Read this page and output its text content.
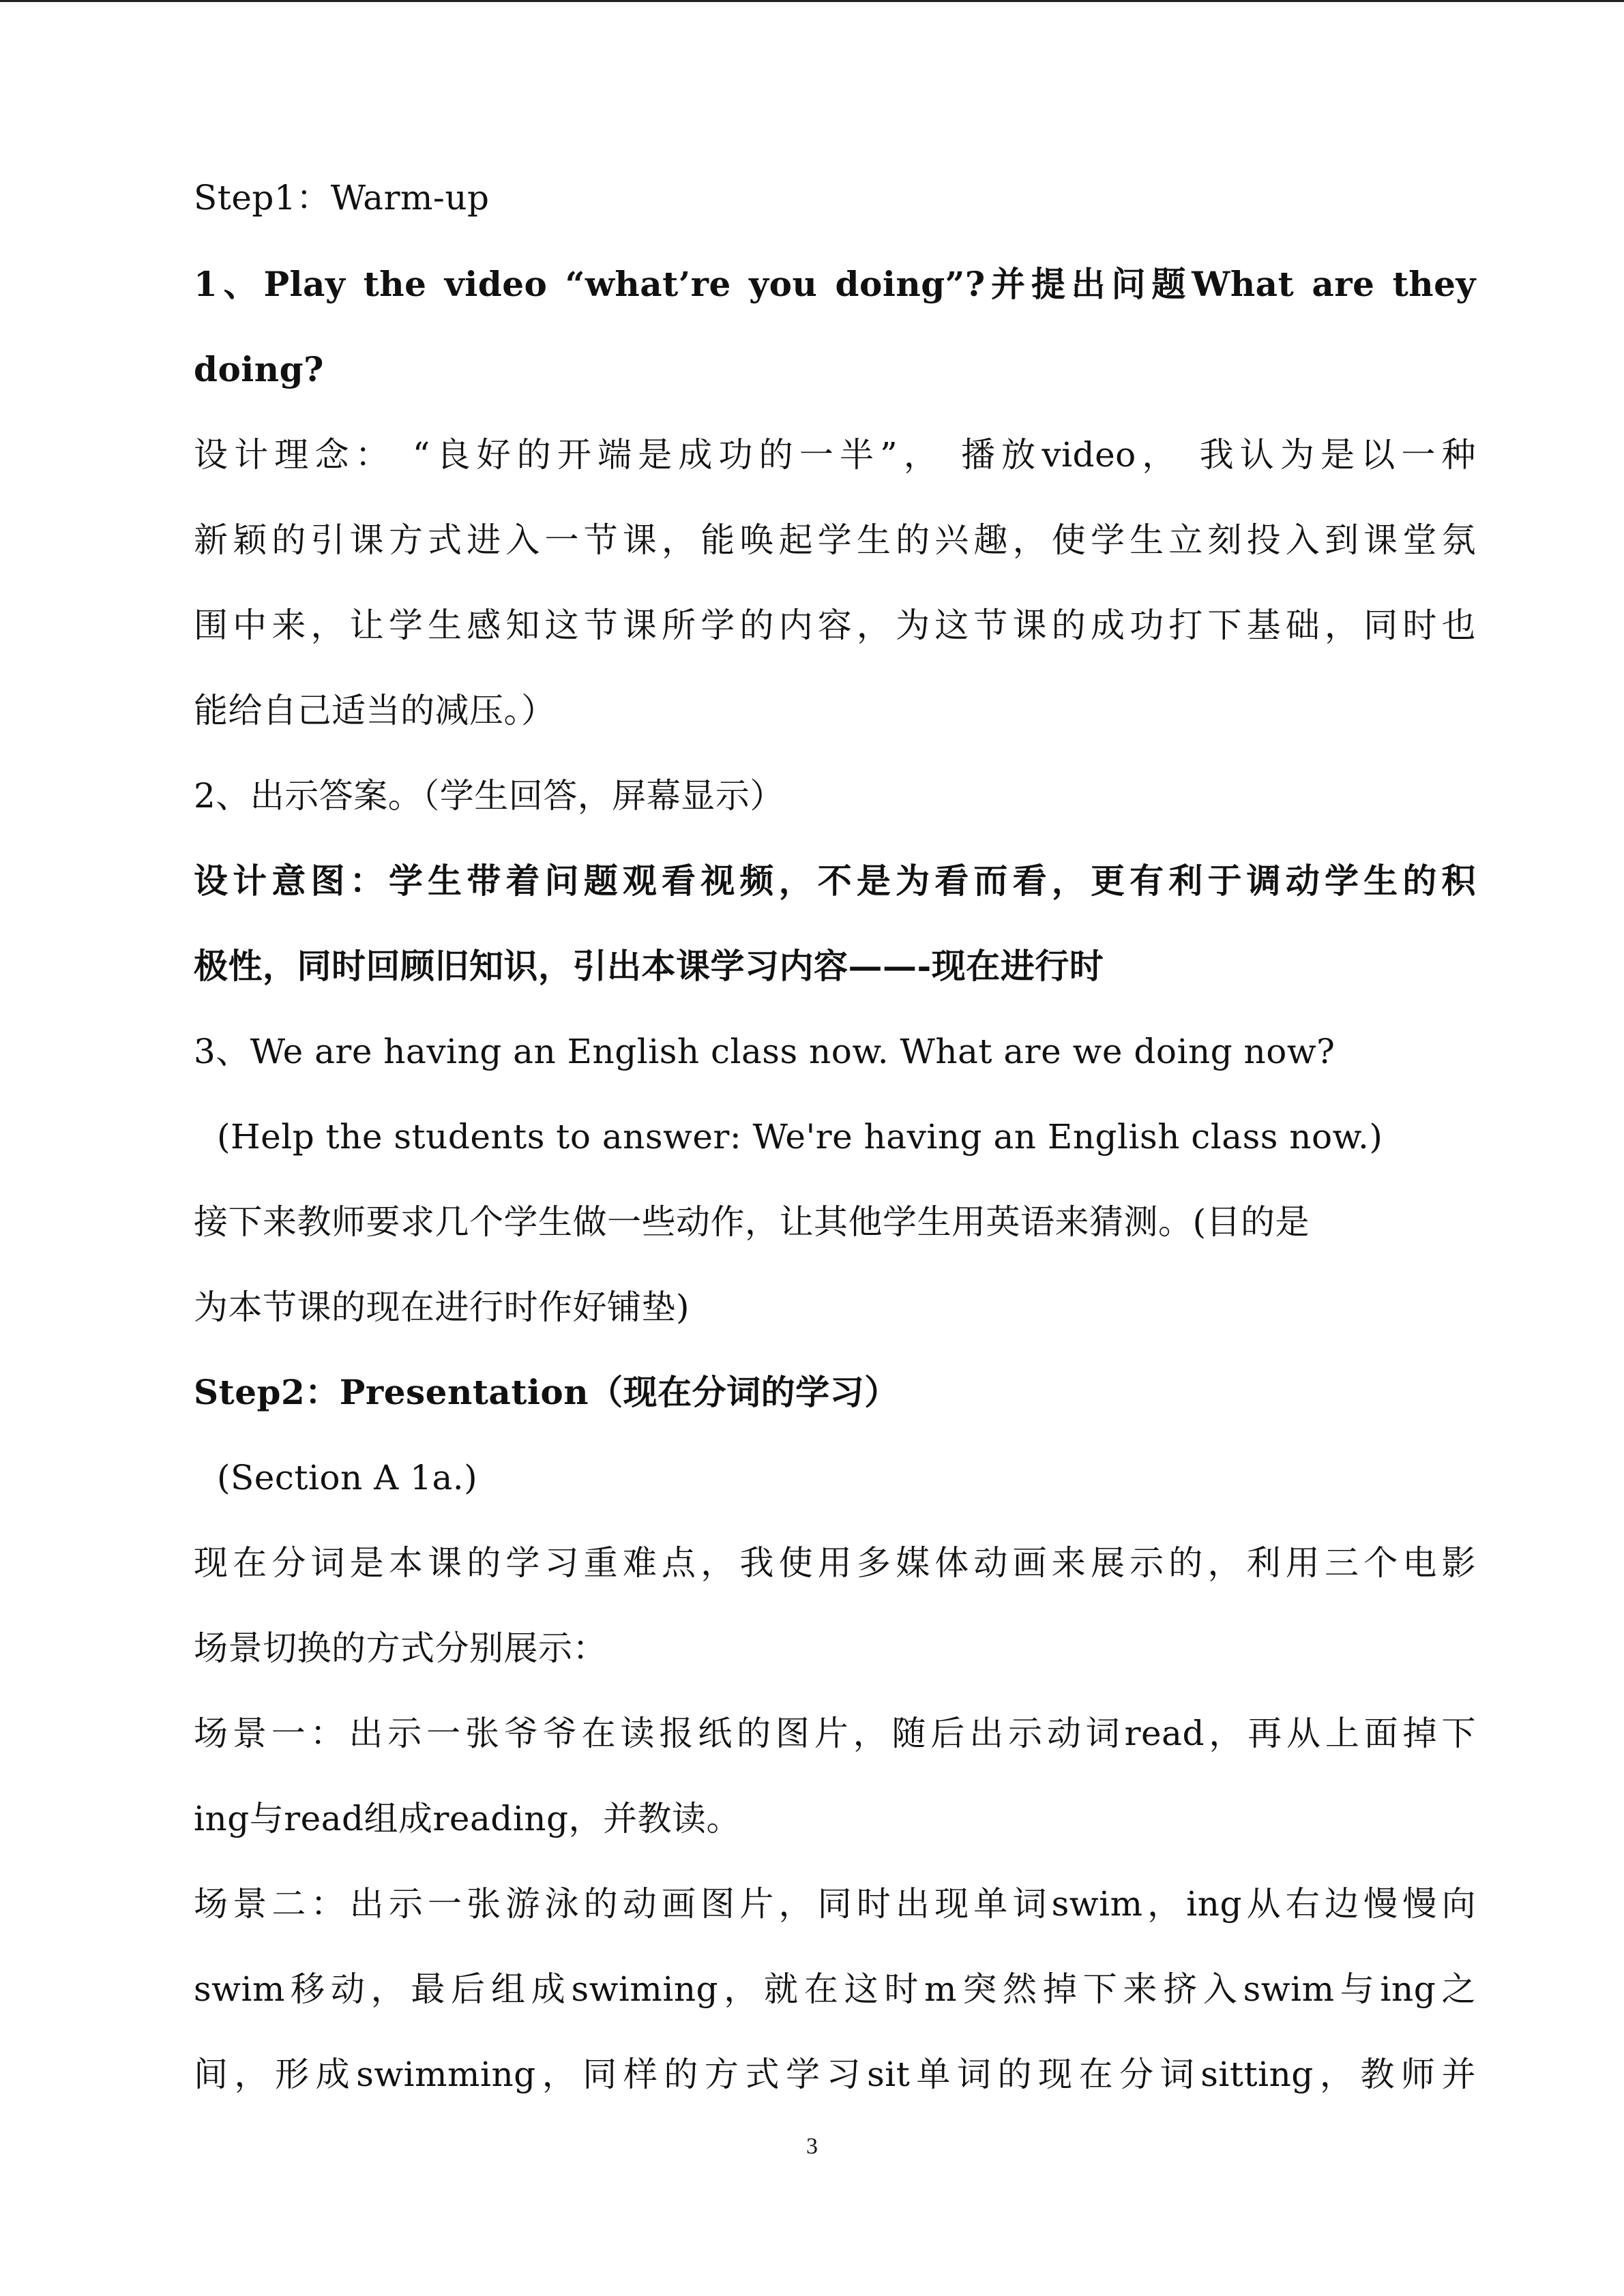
Step1：Warm-up
1、Play the video “what’re you doing”?并提出问题What are they
doing?
设计理念： “良好的开端是成功的一半”， 播放video， 我认为是以一种
新颖的引课方式进入一节课，能唤起学生的兴趣，使学生立刻投入到课堂氛
围中来，让学生感知这节课所学的内容，为这节课的成功打下基础，同时也
能给自己适当的减压。）
2、出示答案。（学生回答，屏幕显示）
设计意图：学生带着问题观看视频，不是为看而看，更有利于调动学生的积
极性，同时回顾旧知识，引出本课学习内容——-现在进行时
3、We are having an English class now. What are we doing now?
(Help the students to answer: We're having an English class now.)
接下来教师要求几个学生做一些动作，让其他学生用英语来猜测。(目的是
为本节课的现在进行时作好铺垫)
Step2：Presentation（现在分词的学习）
(Section A 1a.)
现在分词是本课的学习重难点，我使用多媒体动画来展示的，利用三个电影
场景切换的方式分别展示：
场景一：出示一张爷爷在读报纸的图片，随后出示动词read，再从上面掉下
ing与read组成reading，并教读。
场景二：出示一张游泳的动画图片，同时出现单词swim，ing从右边慢慢向
swim移动，最后组成swiming，就在这时m突然掉下来挤入swim与ing之
间，形成swimming，同样的方式学习sit单词的现在分词sitting，教师并
3
